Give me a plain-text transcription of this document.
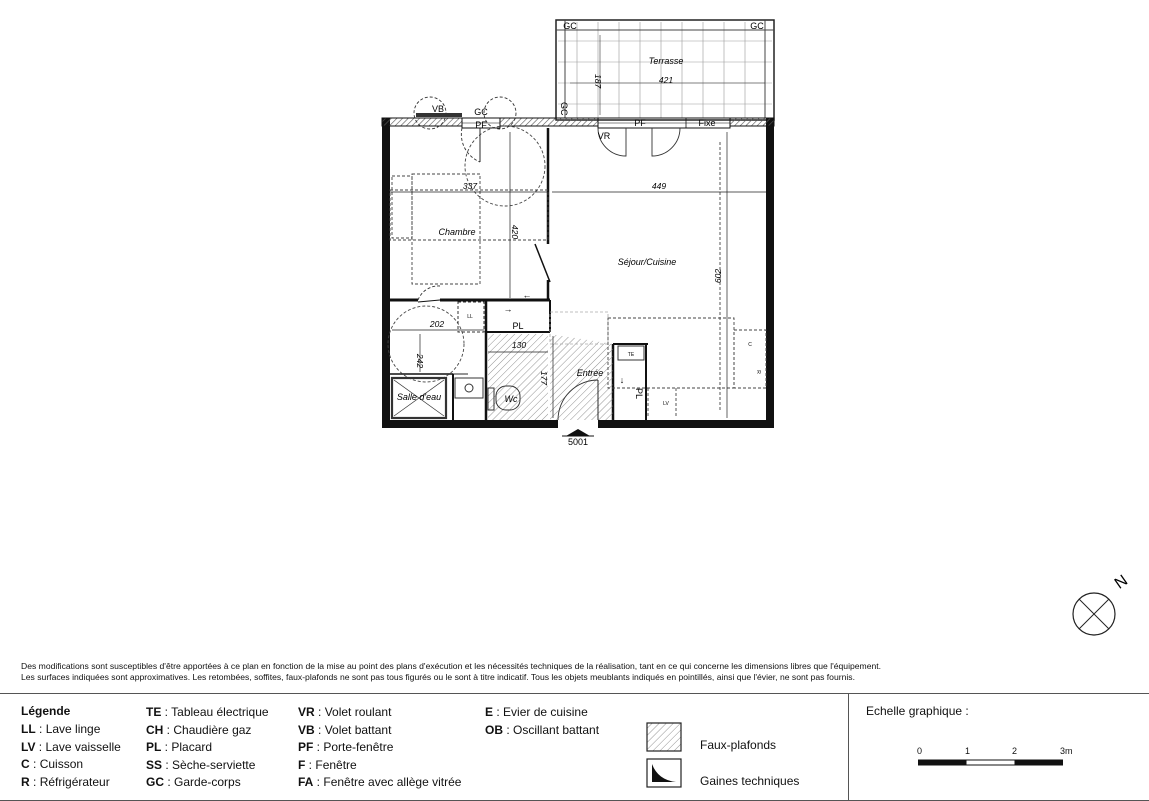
Terrasse
Chambre
Séjour/Cuisine
Salle d'eau
Entrée
Wc
421
187
337
420
449
602
202
242
130
177
VB	GC
PF
GC	GC
GC
PF	Fixe
VR
PL
PL
TE
LL
C
R
LV
←
→
↓
5001
N

Des modifications sont susceptibles d'être apportées à ce plan en fonction de la mise au point des plans d'exécution et les nécessités techniques de la réalisation, tant en ce qui concerne les dimensions libres que l'équipement.
Les surfaces indiquées sont approximatives. Les retombées, soffites, faux-plafonds ne sont pas tous figurés ou le sont à titre indicatif. Tous les objets meublants indiqués en pointillés, ainsi que l'évier, ne sont pas fournis.

Légende
LL : Lave linge
LV : Lave vaisselle
C : Cuisson
R : Réfrigérateur
TE : Tableau électrique
CH : Chaudière gaz
PL : Placard
SS : Sèche-serviette
GC : Garde-corps
VR : Volet roulant
VB : Volet battant
PF : Porte-fenêtre
F : Fenêtre
FA : Fenêtre avec allège vitrée
E : Evier de cuisine
OB : Oscillant battant
Faux-plafonds
Gaines techniques
Echelle graphique :
0	1	2	3m
